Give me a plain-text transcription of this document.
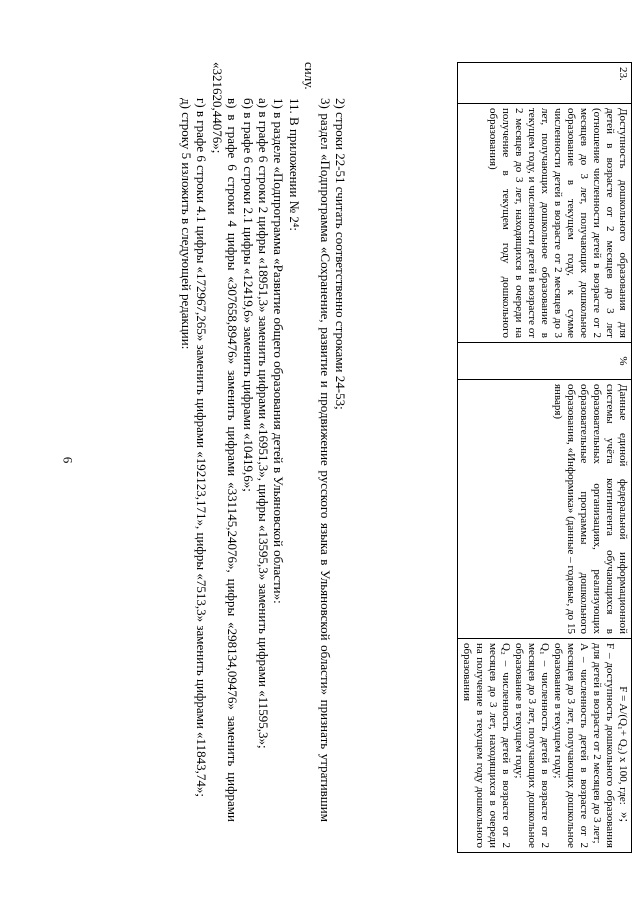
6
23.	Доступность дошкольного образования для детей в возрасте от 2 месяцев до 3 лет (отношение численности детей в возрасте от 2 месяцев до 3 лет, получающих дошкольное образование в текущем году, к сумме численности детей в возрасте от 2 месяцев до 3 лет, получающих дошкольное образование в текущем году, и численности детей в возрасте от 2 месяцев до 3 лет, находящихся в очереди на получение в текущем году дошкольного образования)	%	Данные единой федеральной информационной системы учёта контингента обучающихся в образовательных организациях, реализующих образовательные программы дошкольного образования, «Информика» (данные – годовые, до 15 января)	
F = A/(Q₁+ Q₂) х 100, где:
F – доступность дошкольного образования для детей в возрасте от 2 месяцев до 3 лет;
A – численность детей в возрасте от 2 месяцев до 3 лет, получающих дошкольное образование в текущем году;
Q₁ – численность детей в возрасте от 2 месяцев до 3 лет, получающих дошкольное образование в текущем году;
Q₂ – численность детей в возрасте от 2 месяцев до 3 лет, находящихся в очереди на получение в текущем году дошкольного образования
»;

2) строки 22-51 считать соответственно строками 24-53;

3) раздел «Подпрограмма «Сохранение, развитие и продвижение русского языка в Ульяновской области» признать утратившим силу.

11. В приложении № 2⁴:

1) в разделе «Подпрограмма «Развитие общего образования детей в Ульяновской области»:

а) в графе 6 строки 2 цифры «18951,3» заменить цифрами «16951,3», цифры «13595,3» заменить цифрами «11595,3»;

б) в графе 6 строки 2.1 цифры «12419,6» заменить цифрами «10419,6»;

в) в графе 6 строки 4 цифры «307658,89476» заменить цифрами «331145,24076», цифры «298134,09476» заменить цифрами «321620,44076»;

г) в графе 6 строки 4.1 цифры «172967,265» заменить цифрами «192123,171», цифры «7513,3» заменить цифрами «11843,74»;

д) строку 5 изложить в следующей редакции:
